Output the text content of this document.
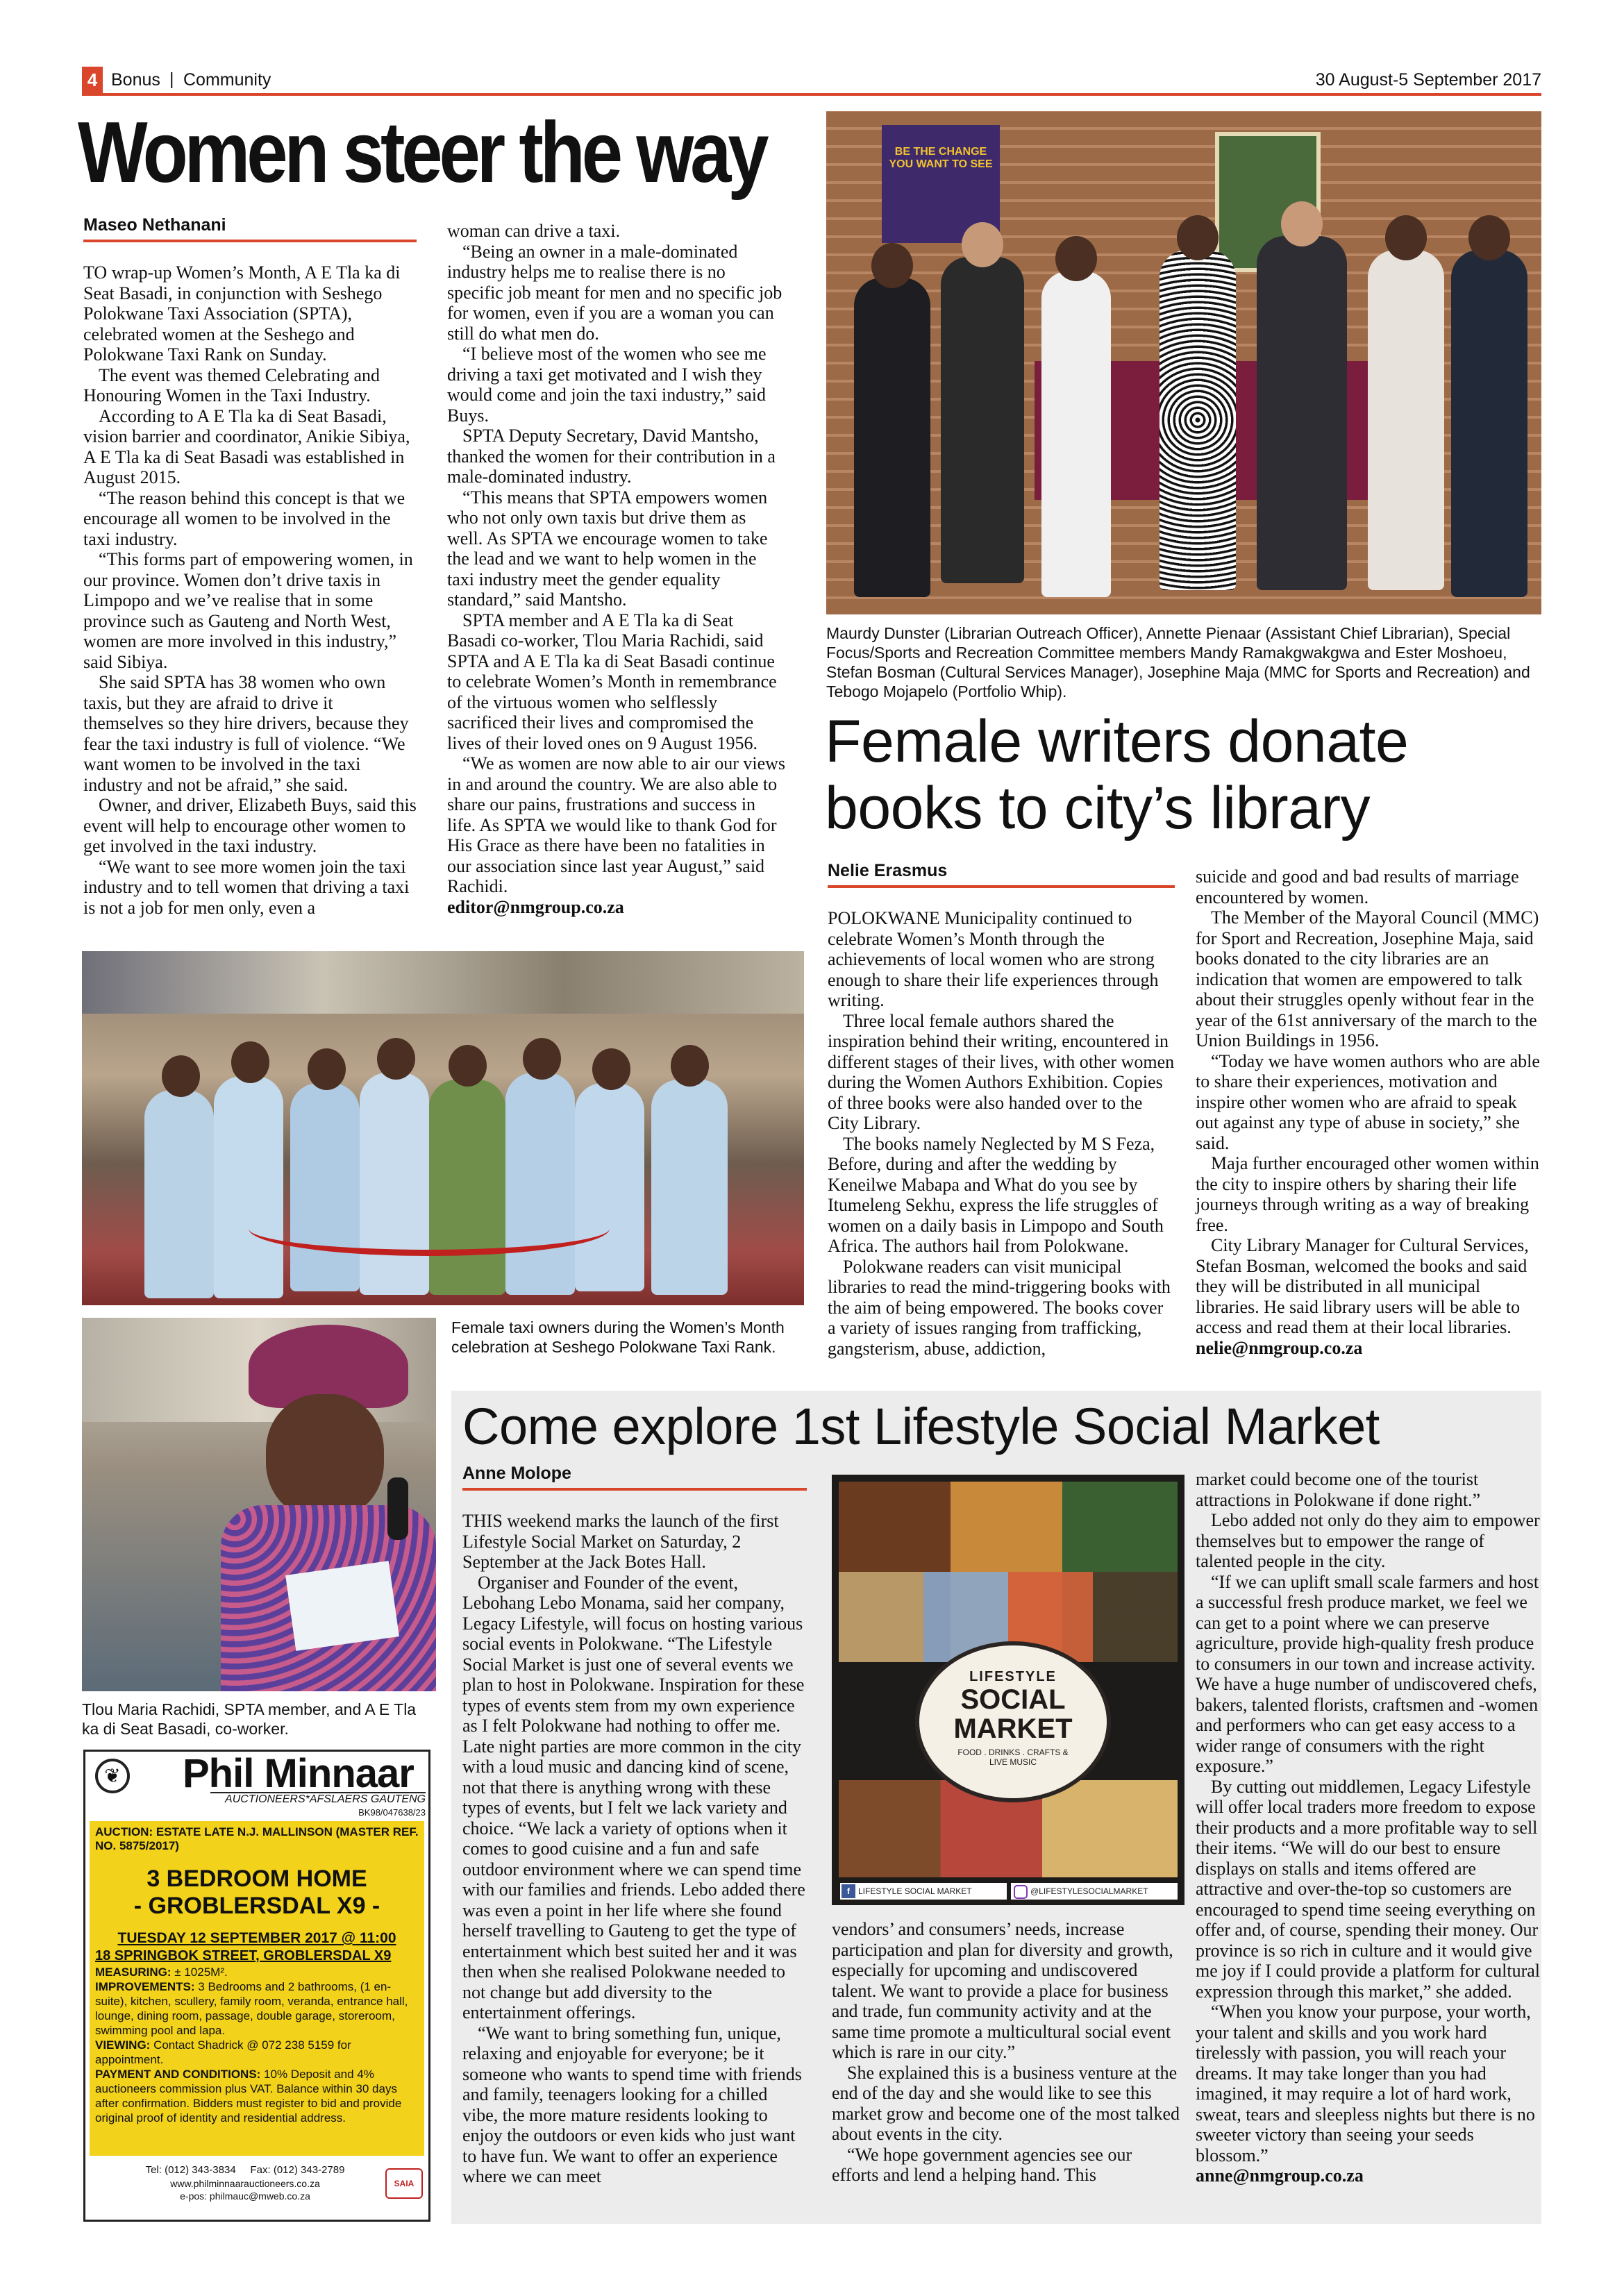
4 Bonus | Community	30 August-5 September 2017
Women steer the way
Maseo Nethanani

TO wrap-up Women’s Month, A E Tla ka di Seat Basadi, in conjunction with Seshego Polokwane Taxi Association (SPTA), celebrated women at the Seshego and Polokwane Taxi Rank on Sunday.

The event was themed Celebrating and Honouring Women in the Taxi Industry.

According to A E Tla ka di Seat Basadi, vision barrier and coordinator, Anikie Sibiya, A E Tla ka di Seat Basadi was established in August 2015.

“The reason behind this concept is that we encourage all women to be involved in the taxi industry.

“This forms part of empowering women, in our province. Women don’t drive taxis in Limpopo and we’ve realise that in some province such as Gauteng and North West, women are more involved in this industry,” said Sibiya.

She said SPTA has 38 women who own taxis, but they are afraid to drive it themselves so they hire drivers, because they fear the taxi industry is full of violence. “We want women to be involved in the taxi industry and not be afraid,” she said.

Owner, and driver, Elizabeth Buys, said this event will help to encourage other women to get involved in the taxi industry.

“We want to see more women join the taxi industry and to tell women that driving a taxi is not a job for men only, even a

woman can drive a taxi.

“Being an owner in a male-dominated industry helps me to realise there is no specific job meant for men and no specific job for women, even if you are a woman you can still do what men do.

“I believe most of the women who see me driving a taxi get motivated and I wish they would come and join the taxi industry,” said Buys.

SPTA Deputy Secretary, David Mantsho, thanked the women for their contribution in a male-dominated industry.

“This means that SPTA empowers women who not only own taxis but drive them as well. As SPTA we encourage women to take the lead and we want to help women in the taxi industry meet the gender equality standard,” said Mantsho.

SPTA member and A E Tla ka di Seat Basadi co-worker, Tlou Maria Rachidi, said SPTA and A E Tla ka di Seat Basadi continue to celebrate Women’s Month in remembrance of the virtuous women who selflessly sacrificed their lives and compromised the lives of their loved ones on 9 August 1956.

“We as women are now able to air our views in and around the country. We are also able to share our pains, frustrations and success in life. As SPTA we would like to thank God for His Grace as there have been no fatalities in our association since last year August,” said Rachidi.

editor@nmgroup.co.za

Female taxi owners during the Women’s Month celebration at Seshego Polokwane Taxi Rank.
Tlou Maria Rachidi, SPTA member, and A E Tla ka di Seat Basadi, co-worker.
BE THE CHANGE
YOU WANT TO SEE
Maurdy Dunster (Librarian Outreach Officer), Annette Pienaar (Assistant Chief Librarian), Special Focus/Sports and Recreation Committee members Mandy Ramakgwakgwa and Ester Moshoeu, Stefan Bosman (Cultural Services Manager), Josephine Maja (MMC for Sports and Recreation) and Tebogo Mojapelo (Portfolio Whip).
Female writers donate books to city’s library
Nelie Erasmus

POLOKWANE Municipality continued to celebrate Women’s Month through the achievements of local women who are strong enough to share their life experiences through writing.

Three local female authors shared the inspiration behind their writing, encountered in different stages of their lives, with other women during the Women Authors Exhibition. Copies of three books were also handed over to the City Library.

The books namely Neglected by M S Feza, Before, during and after the wedding by Keneilwe Mabapa and What do you see by Itumeleng Sekhu, express the life struggles of women on a daily basis in Limpopo and South Africa. The authors hail from Polokwane.

Polokwane readers can visit municipal libraries to read the mind-triggering books with the aim of being empowered. The books cover a variety of issues ranging from trafficking, gangsterism, abuse, addiction,

suicide and good and bad results of marriage encountered by women.

The Member of the Mayoral Council (MMC) for Sport and Recreation, Josephine Maja, said books donated to the city libraries are an indication that women are empowered to talk about their struggles openly without fear in the year of the 61st anniversary of the march to the Union Buildings in 1956.

“Today we have women authors who are able to share their experiences, motivation and inspire other women who are afraid to speak out against any type of abuse in society,” she said.

Maja further encouraged other women within the city to inspire others by sharing their life journeys through writing as a way of breaking free.

City Library Manager for Cultural Services, Stefan Bosman, welcomed the books and said they will be distributed in all municipal libraries. He said library users will be able to access and read them at their local libraries.

nelie@nmgroup.co.za

Come explore 1st Lifestyle Social Market
Anne Molope

THIS weekend marks the launch of the first Lifestyle Social Market on Saturday, 2 September at the Jack Botes Hall.

Organiser and Founder of the event, Lebohang Lebo Monama, said her company, Legacy Lifestyle, will focus on hosting various social events in Polokwane. “The Lifestyle Social Market is just one of several events we plan to host in Polokwane. Inspiration for these types of events stem from my own experience as I felt Polokwane had nothing to offer me. Late night parties are more common in the city with a loud music and dancing kind of scene, not that there is anything wrong with these types of events, but I felt we lack variety and choice. “We lack a variety of options when it comes to good cuisine and a fun and safe outdoor environment where we can spend time with our families and friends. Lebo added there was even a point in her life where she found herself travelling to Gauteng to get the type of entertainment which best suited her and it was then when she realised Polokwane needed to not change but add diversity to the entertainment offerings.

“We want to bring something fun, unique, relaxing and enjoyable for everyone; be it someone who wants to spend time with friends and family, teenagers looking for a chilled vibe, the more mature residents looking to enjoy the outdoors or even kids who just want to have fun. We want to offer an experience where we can meet

LIFESTYLE
SOCIAL
MARKET
FOOD . DRINKS . CRAFTS & LIVE MUSIC
f LIFESTYLE SOCIAL MARKET	@LIFESTYLESOCIALMARKET

vendors’ and consumers’ needs, increase participation and plan for diversity and growth, especially for upcoming and undiscovered talent. We want to provide a place for business and trade, fun community activity and at the same time promote a multicultural social event which is rare in our city.”

She explained this is a business venture at the end of the day and she would like to see this market grow and become one of the most talked about events in the city.

“We hope government agencies see our efforts and lend a helping hand. This

market could become one of the tourist attractions in Polokwane if done right.”

Lebo added not only do they aim to empower themselves but to empower the range of talented people in the city.

“If we can uplift small scale farmers and host a successful fresh produce market, we feel we can get to a point where we can preserve agriculture, provide high-quality fresh produce to consumers in our town and increase activity. We have a huge number of undiscovered chefs, bakers, talented florists, craftsmen and -women and performers who can get easy access to a wider range of consumers with the right exposure.”

By cutting out middlemen, Legacy Lifestyle will offer local traders more freedom to expose their products and a more profitable way to sell their items. “We will do our best to ensure displays on stalls and items offered are attractive and over-the-top so customers are encouraged to spend time seeing everything on offer and, of course, spending their money. Our province is so rich in culture and it would give me joy if I could provide a platform for cultural expression through this market,” she added.

“When you know your purpose, your worth, your talent and skills and you work hard tirelessly with passion, you will reach your dreams. It may take longer than you had imagined, it may require a lot of hard work, sweat, tears and sleepless nights but there is no sweeter victory than seeing your seeds blossom.”

anne@nmgroup.co.za

❦ Phil Minnaar
AUCTIONEERS*AFSLAERS GAUTENG
BK98/047638/23
AUCTION: ESTATE LATE N.J. MALLINSON (MASTER REF. NO. 5875/2017)
3 BEDROOM HOME
- GROBLERSDAL X9 -
TUESDAY 12 SEPTEMBER 2017 @ 11:00
18 SPRINGBOK STREET, GROBLERSDAL X9
MEASURING: ± 1025M².
IMPROVEMENTS: 3 Bedrooms and 2 bathrooms, (1 en-suite), kitchen, scullery, family room, veranda, entrance hall, lounge, dining room, passage, double garage, storeroom, swimming pool and lapa.
VIEWING: Contact Shadrick @ 072 238 5159 for appointment.
PAYMENT AND CONDITIONS: 10% Deposit and 4% auctioneers commission plus VAT. Balance within 30 days after confirmation. Bidders must register to bid and provide original proof of identity and residential address.
Tel: (012) 343-3834     Fax: (012) 343-2789
www.philminnaarauctioneers.co.za
e-pos: philmauc@mweb.co.za
SAIA
